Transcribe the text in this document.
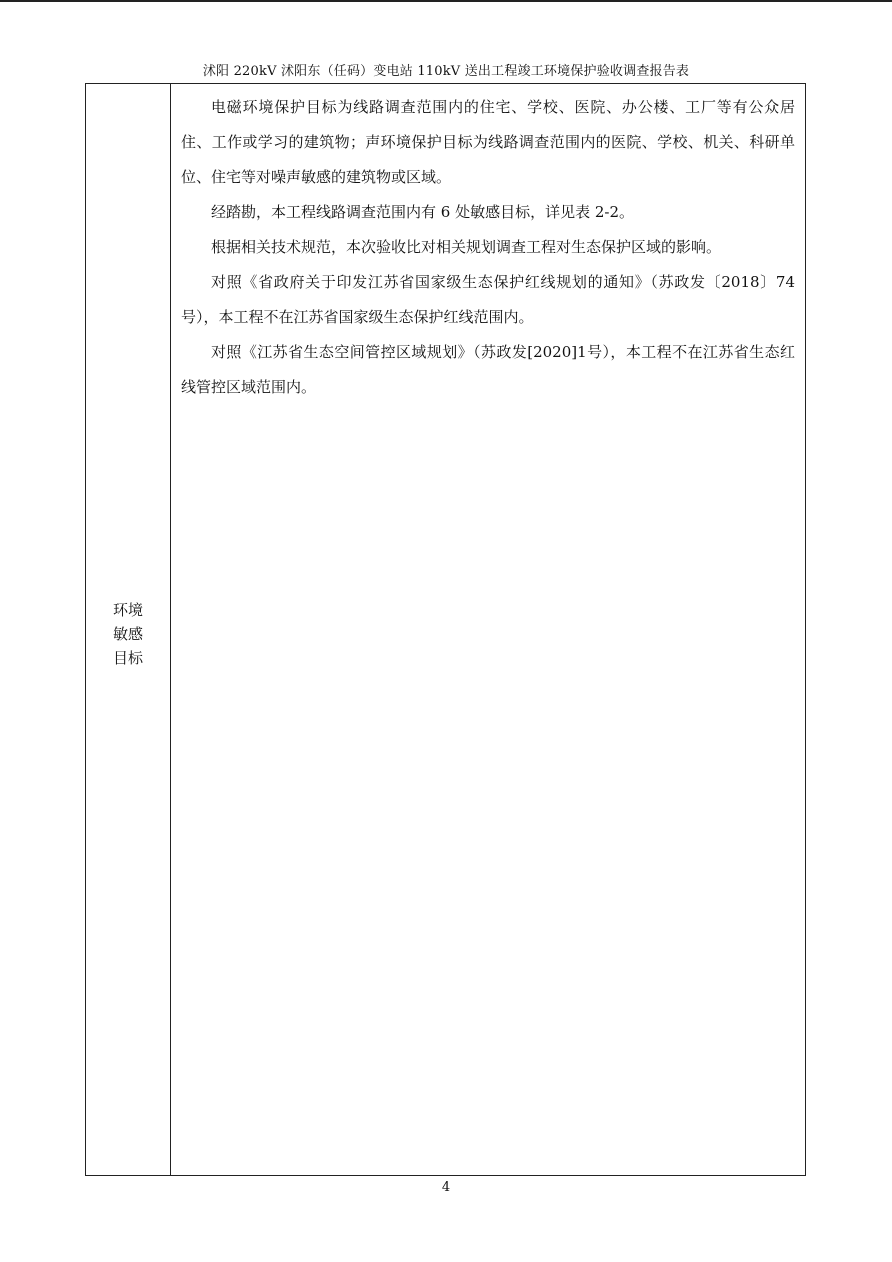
沭阳 220kV 沭阳东（任码）变电站 110kV 送出工程竣工环境保护验收调查报告表
环境
敏感
目标

电磁环境保护目标为线路调查范围内的住宅、学校、医院、办公楼、工厂等有公众居住、工作或学习的建筑物；声环境保护目标为线路调查范围内的医院、学校、机关、科研单位、住宅等对噪声敏感的建筑物或区域。

经踏勘，本工程线路调查范围内有 6 处敏感目标，详见表 2-2。

根据相关技术规范，本次验收比对相关规划调查工程对生态保护区域的影响。

对照《省政府关于印发江苏省国家级生态保护红线规划的通知》（苏政发〔2018〕74 号），本工程不在江苏省国家级生态保护红线范围内。

对照《江苏省生态空间管控区域规划》（苏政发[2020]1号），本工程不在江苏省生态红线管控区域范围内。

4
